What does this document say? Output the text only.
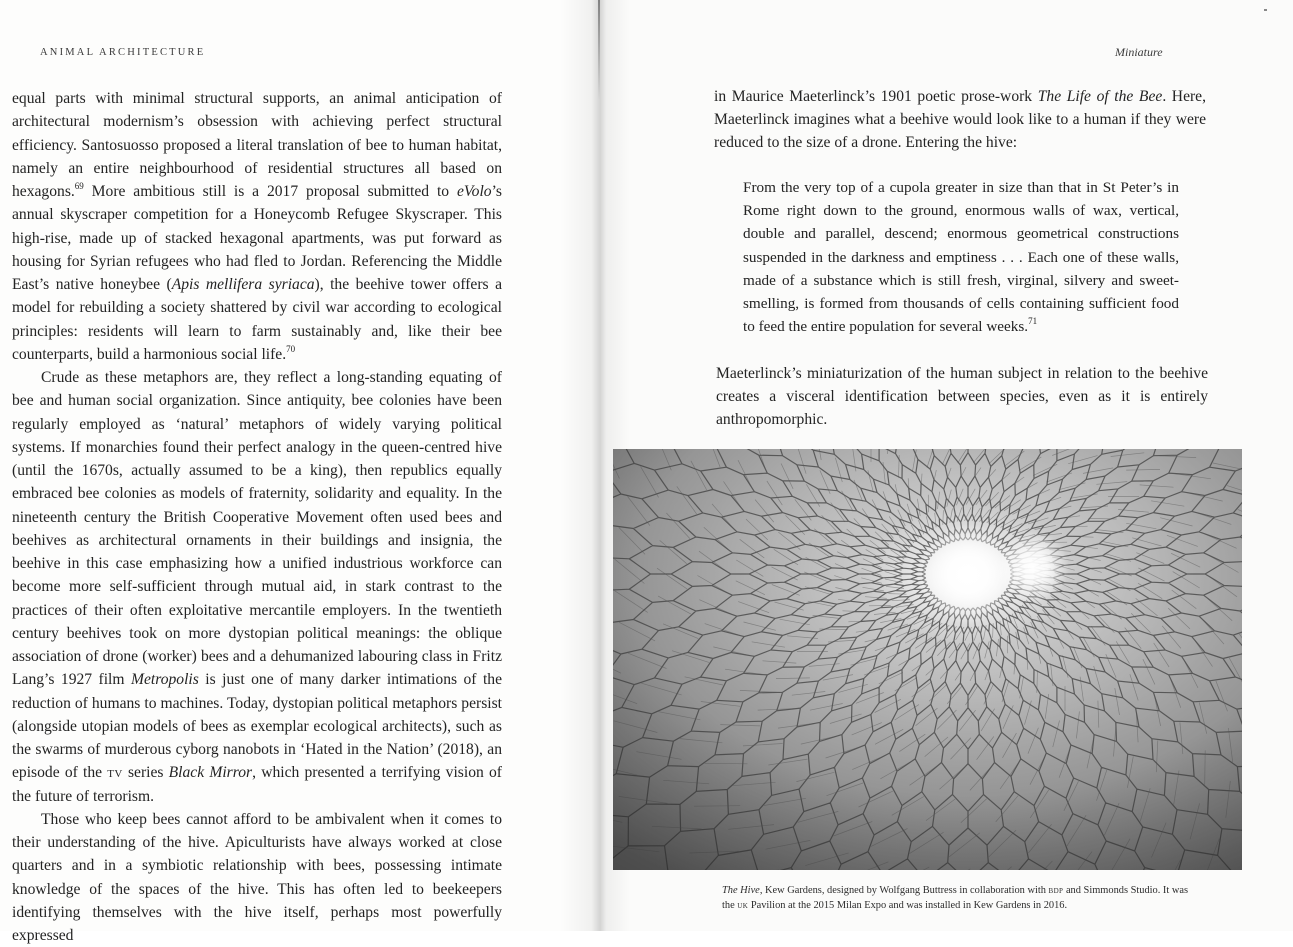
ANIMAL ARCHITECTURE

equal parts with minimal structural supports, an animal anticipation of architectural modernism’s obsession with achieving perfect structural efficiency. Santosuosso proposed a literal translation of bee to human habitat, namely an entire neighbourhood of residential structures all based on hexagons.$^{69}$ More ambitious still is a 2017 proposal submitted to eVolo’s annual skyscraper competition for a Honeycomb Refugee Skyscraper. This high-rise, made up of stacked hexagonal apartments, was put forward as housing for Syrian refugees who had fled to Jordan. Referencing the Middle East’s native honeybee (Apis mellifera syriaca), the beehive tower offers a model for rebuilding a society shattered by civil war according to ecological principles: residents will learn to farm sustainably and, like their bee counterparts, build a harmonious social life.$^{70}$

Crude as these metaphors are, they reflect a long-standing equating of bee and human social organization. Since antiquity, bee colonies have been regularly employed as ‘natural’ metaphors of widely varying political systems. If monarchies found their perfect analogy in the queen-centred hive (until the 1670s, actually assumed to be a king), then republics equally embraced bee colonies as models of fraternity, solidarity and equality. In the nineteenth century the British Cooperative Movement often used bees and beehives as architectural ornaments in their buildings and insignia, the beehive in this case emphasizing how a unified industrious workforce can become more self-sufficient through mutual aid, in stark contrast to the practices of their often exploitative mercantile employers. In the twentieth century beehives took on more dystopian political meanings: the oblique association of drone (worker) bees and a dehumanized labouring class in Fritz Lang’s 1927 film Metropolis is just one of many darker intimations of the reduction of humans to machines. Today, dystopian political metaphors persist (alongside utopian models of bees as exemplar ecological architects), such as the swarms of murderous cyborg nanobots in ‘Hated in the Nation’ (2018), an episode of the tv series Black Mirror, which presented a terrifying vision of the future of terrorism.

Those who keep bees cannot afford to be ambivalent when it comes to their understanding of the hive. Apiculturists have always worked at close quarters and in a symbiotic relationship with bees, possessing intimate knowledge of the spaces of the hive. This has often led to beekeepers identifying themselves with the hive itself, perhaps most powerfully expressed

Miniature

in Maurice Maeterlinck’s 1901 poetic prose-work The Life of the Bee. Here, Maeterlinck imagines what a beehive would look like to a human if they were reduced to the size of a drone. Entering the hive:

From the very top of a cupola greater in size than that in St Peter’s in Rome right down to the ground, enormous walls of wax, vertical, double and parallel, descend; enormous geometrical constructions suspended in the darkness and emptiness . . . Each one of these walls, made of a substance which is still fresh, virginal, silvery and sweet-smelling, is formed from thousands of cells containing sufficient food to feed the entire population for several weeks.$^{71}$
Maeterlinck’s miniaturization of the human subject in relation to the beehive creates a visceral identification between species, even as it is entirely anthropomorphic.
The Hive, Kew Gardens, designed by Wolfgang Buttress in collaboration with bdp and Simmonds Studio. It was the uk Pavilion at the 2015 Milan Expo and was installed in Kew Gardens in 2016.
